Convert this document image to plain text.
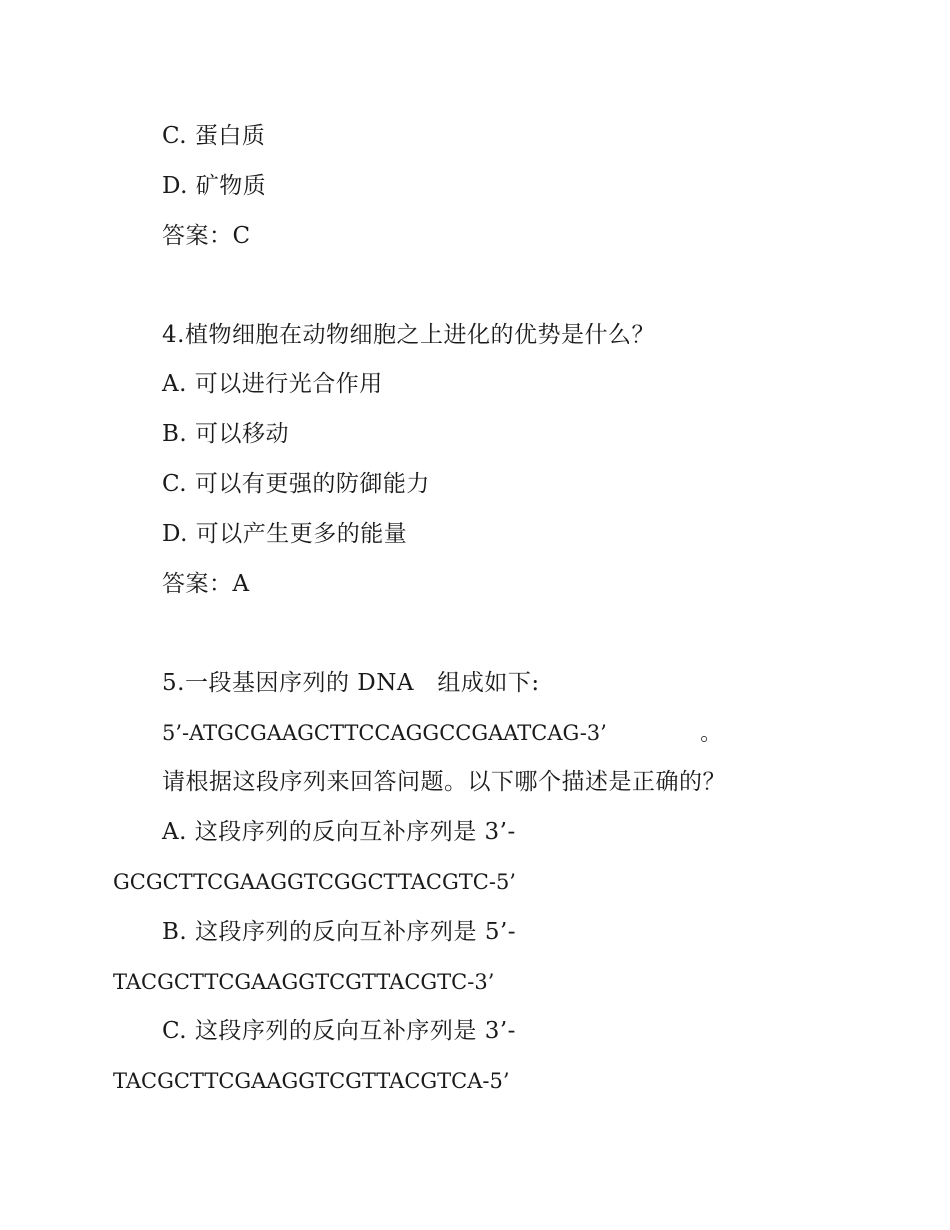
C. 蛋白质
D. 矿物质
答案：C
4.植物细胞在动物细胞之上进化的优势是什么？
A. 可以进行光合作用
B. 可以移动
C. 可以有更强的防御能力
D. 可以产生更多的能量
答案：A
5.一段基因序列的 DNA   组成如下:
5’-ATGCGAAGCTTCCAGGCCGAATCAG-3’              。
请根据这段序列来回答问题。以下哪个描述是正确的？
A. 这段序列的反向互补序列是 3’-
GCGCTTCGAAGGTCGGCTTACGTC-5’
B. 这段序列的反向互补序列是 5’-
TACGCTTCGAAGGTCGTTACGTC-3’
C. 这段序列的反向互补序列是 3’-
TACGCTTCGAAGGTCGTTACGTCA-5’
